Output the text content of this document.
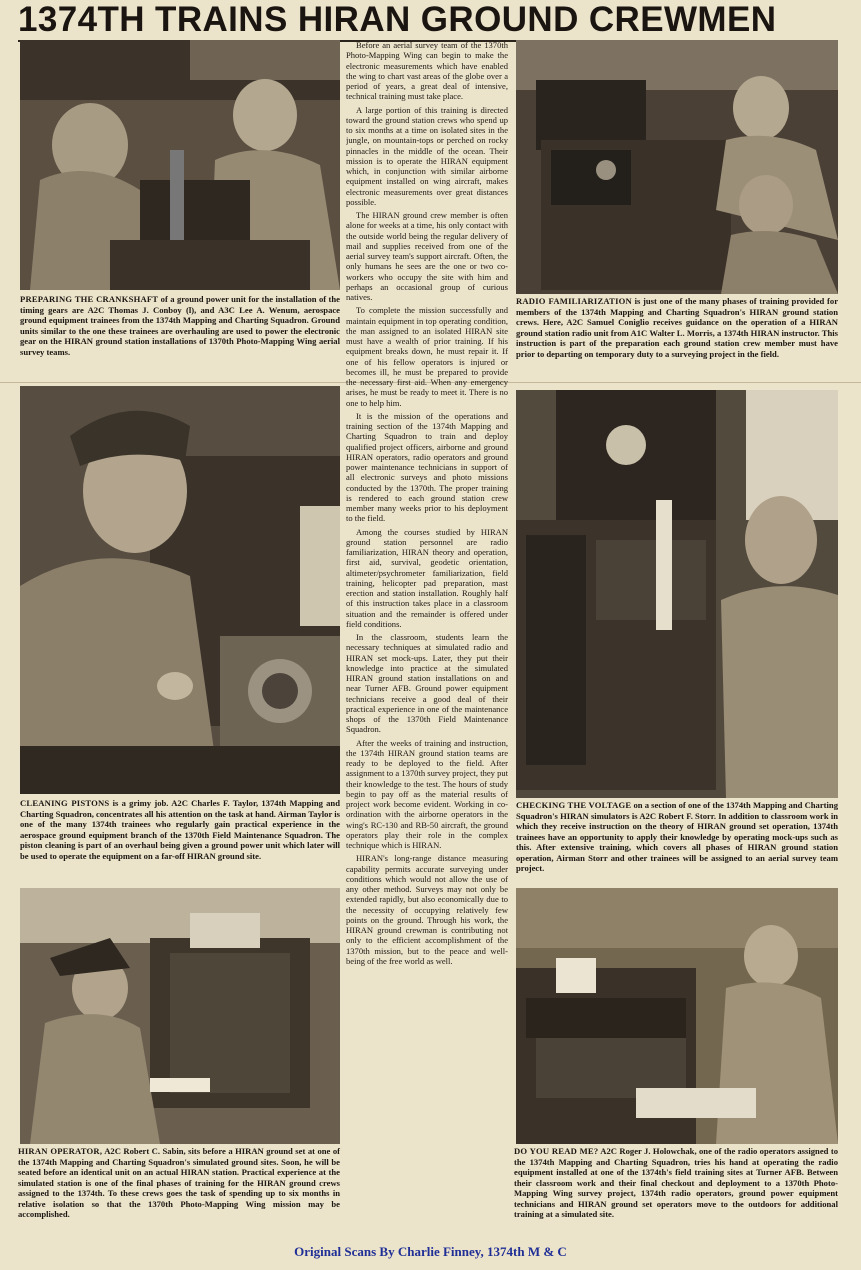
1374TH TRAINS HIRAN GROUND CREWMEN

PREPARING THE CRANKSHAFT of a ground power unit for the installation of the timing gears are A2C Thomas J. Conboy (l), and A3C Lee A. Wenum, aerospace ground equipment trainees from the 1374th Mapping and Charting Squadron. Ground units similar to the one these trainees are overhauling are used to power the electronic gear on the HIRAN ground station installations of 1370th Photo-Mapping Wing aerial survey teams.

RADIO FAMILIARIZATION is just one of the many phases of training provided for members of the 1374th Mapping and Charting Squadron's HIRAN ground station crews. Here, A2C Samuel Coniglio receives guidance on the operation of a HIRAN ground station radio unit from A1C Walter L. Morris, a 1374th HIRAN instructor. This instruction is part of the preparation each ground station crew member must have prior to departing on temporary duty to a surveying project in the field.

CLEANING PISTONS is a grimy job. A2C Charles F. Taylor, 1374th Mapping and Charting Squadron, concentrates all his attention on the task at hand. Airman Taylor is one of the many 1374th trainees who regularly gain practical experience in the aerospace ground equipment branch of the 1370th Field Maintenance Squadron. The piston cleaning is part of an overhaul being given a ground power unit which later will be used to operate the equipment on a far-off HIRAN ground site.

CHECKING THE VOLTAGE on a section of one of the 1374th Mapping and Charting Squadron's HIRAN simulators is A2C Robert F. Storr. In addition to classroom work in which they receive instruction on the theory of HIRAN ground set operation, 1374th trainees have an opportunity to apply their knowledge by operating mock-ups such as this. After extensive training, which covers all phases of HIRAN ground station operation, Airman Storr and other trainees will be assigned to an aerial survey team project.

HIRAN OPERATOR, A2C Robert C. Sabin, sits before a HIRAN ground set at one of the 1374th Mapping and Charting Squadron's simulated ground sites. Soon, he will be seated before an identical unit on an actual HIRAN station. Practical experience at the simulated station is one of the final phases of training for the HIRAN ground crews assigned to the 1374th. To these crews goes the task of spending up to six months in relative isolation so that the 1370th Photo-Mapping Wing mission may be accomplished.

DO YOU READ ME? A2C Roger J. Holowchak, one of the radio operators assigned to the 1374th Mapping and Charting Squadron, tries his hand at operating the radio equipment installed at one of the 1374th's field training sites at Turner AFB. Between their classroom work and their final checkout and deployment to a 1370th Photo-Mapping Wing survey project, 1374th radio operators, ground power equipment technicians and HIRAN ground set operators move to the outdoors for additional training at a simulated site.

Before an aerial survey team of the 1370th Photo-Mapping Wing can begin to make the electronic measurements which have enabled the wing to chart vast areas of the globe over a period of years, a great deal of intensive, technical training must take place.

A large portion of this training is directed toward the ground station crews who spend up to six months at a time on isolated sites in the jungle, on mountain-tops or perched on rocky pinnacles in the middle of the ocean. Their mission is to operate the HIRAN equipment which, in conjunction with similar airborne equipment installed on wing aircraft, makes electronic measurements over great distances possible.

The HIRAN ground crew member is often alone for weeks at a time, his only contact with the outside world being the regular delivery of mail and supplies received from one of the aerial survey team's support aircraft. Often, the only humans he sees are the one or two co-workers who occupy the site with him and perhaps an occasional group of curious natives.

To complete the mission successfully and maintain equipment in top operating condition, the man assigned to an isolated HIRAN site must have a wealth of prior training. If his equipment breaks down, he must repair it. If one of his fellow operators is injured or becomes ill, he must be prepared to provide the necessary first aid. When any emergency arises, he must be ready to meet it. There is no one to help him.

It is the mission of the operations and training section of the 1374th Mapping and Charting Squadron to train and deploy qualified project officers, airborne and ground HIRAN operators, radio operators and ground power maintenance technicians in support of all electronic surveys and photo missions conducted by the 1370th. The proper training is rendered to each ground station crew member many weeks prior to his deployment to the field.

Among the courses studied by HIRAN ground station personnel are radio familiarization, HIRAN theory and operation, first aid, survival, geodetic orientation, altimeter/psychrometer familiarization, field training, helicopter pad preparation, mast erection and station installation. Roughly half of this instruction takes place in a classroom situation and the remainder is offered under field conditions.

In the classroom, students learn the necessary techniques at simulated radio and HIRAN set mock-ups. Later, they put their knowledge into practice at the simulated HIRAN ground station installations on and near Turner AFB. Ground power equipment technicians receive a good deal of their practical experience in one of the maintenance shops of the 1370th Field Maintenance Squadron.

After the weeks of training and instruction, the 1374th HIRAN ground station teams are ready to be deployed to the field. After assignment to a 1370th survey project, they put their knowledge to the test. The hours of study begin to pay off as the material results of project work become evident. Working in co-ordination with the airborne operators in the wing's RC-130 and RB-50 aircraft, the ground operators play their role in the complex technique which is HIRAN.

HIRAN's long-range distance measuring capability permits accurate surveying under conditions which would not allow the use of any other method. Surveys may not only be extended rapidly, but also economically due to the necessity of occupying relatively few points on the ground. Through his work, the HIRAN ground crewman is contributing not only to the efficient accomplishment of the 1370th mission, but to the peace and well-being of the free world as well.

Original Scans By Charlie Finney, 1374th M & C
